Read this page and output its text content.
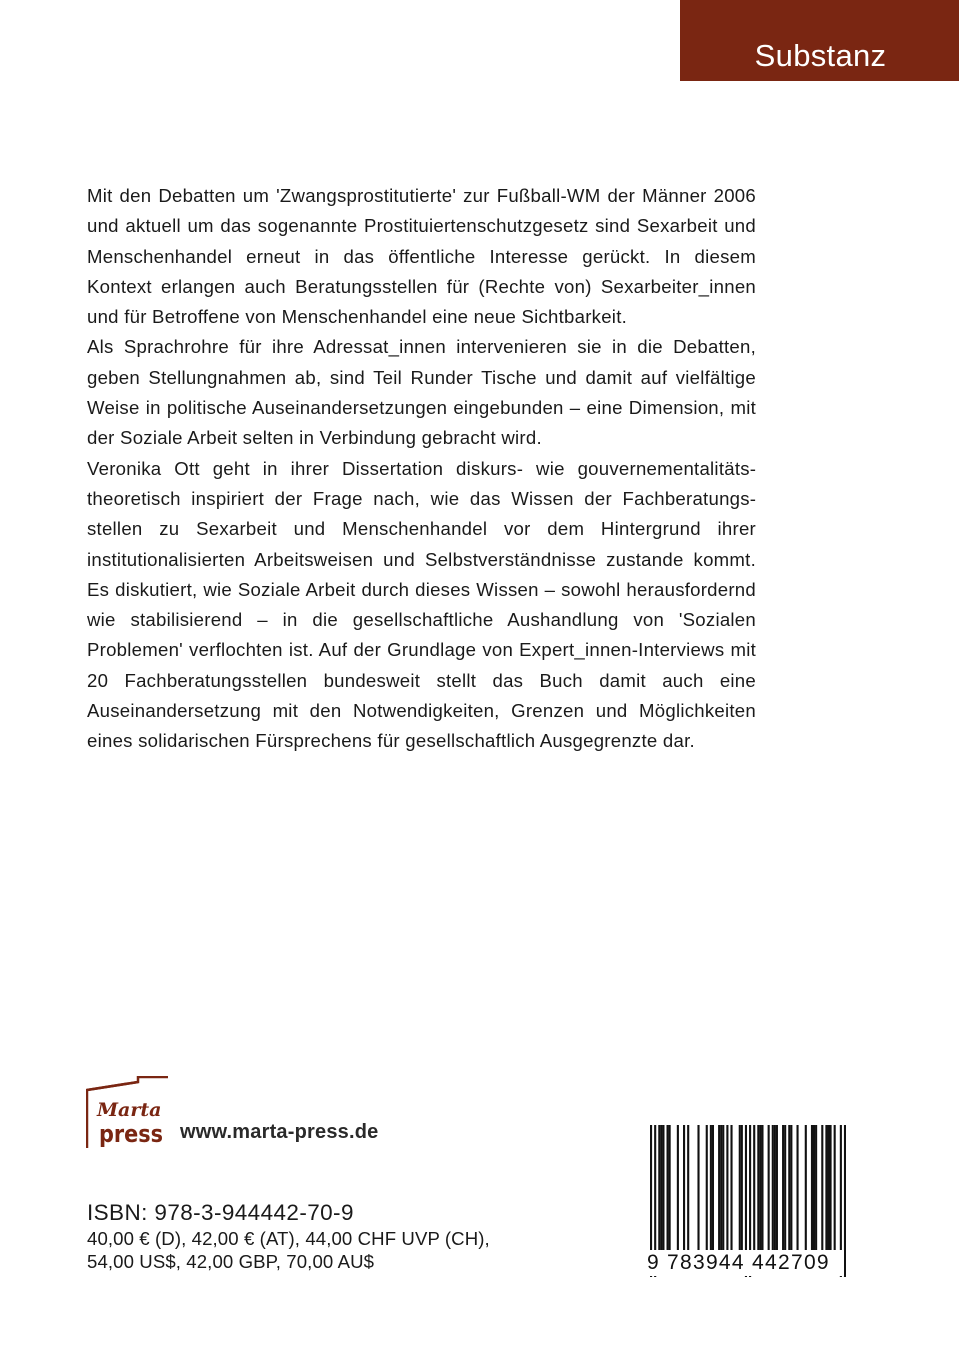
Substanz

Mit den Debatten um 'Zwangsprostitutierte' zur Fußball-WM der Männer 2006 und aktuell um das sogenannte Prostituiertenschutzgesetz sind Sexarbeit und Menschenhandel erneut in das öffentliche Interesse gerückt. In diesem Kontext erlangen auch Beratungsstellen für (Rechte von) Sexarbeiter_innen und für Betroffene von Menschenhandel eine neue Sichtbarkeit.

Als Sprachrohre für ihre Adressat_innen intervenieren sie in die Debatten, geben Stellungnahmen ab, sind Teil Runder Tische und damit auf vielfältige Weise in politische Auseinandersetzungen eingebunden – eine Dimension, mit der Soziale Arbeit selten in Verbindung gebracht wird.

Veronika Ott geht in ihrer Dissertation diskurs- wie gouvernementalitätstheoretisch inspiriert der Frage nach, wie das Wissen der Fachberatungsstellen zu Sexarbeit und Menschenhandel vor dem Hintergrund ihrer institutionalisierten Arbeitsweisen und Selbstverständnisse zustande kommt. Es diskutiert, wie Soziale Arbeit durch dieses Wissen – sowohl herausfordernd wie stabilisierend – in die gesellschaftliche Aushandlung von 'Sozialen Problemen' verflochten ist. Auf der Grundlage von Expert_innen-Interviews mit 20 Fachberatungsstellen bundesweit stellt das Buch damit auch eine Auseinandersetzung mit den Notwendigkeiten, Grenzen und Möglichkeiten eines solidarischen Fürsprechens für gesellschaftlich Ausgegrenzte dar.

Marta
press www.marta-press.de
ISBN: 978-3-944442-70-9
40,00 € (D), 42,00 € (AT), 44,00 CHF UVP (CH),
54,00 US$, 42,00 GBP, 70,00 AU$	9 783944 442709
